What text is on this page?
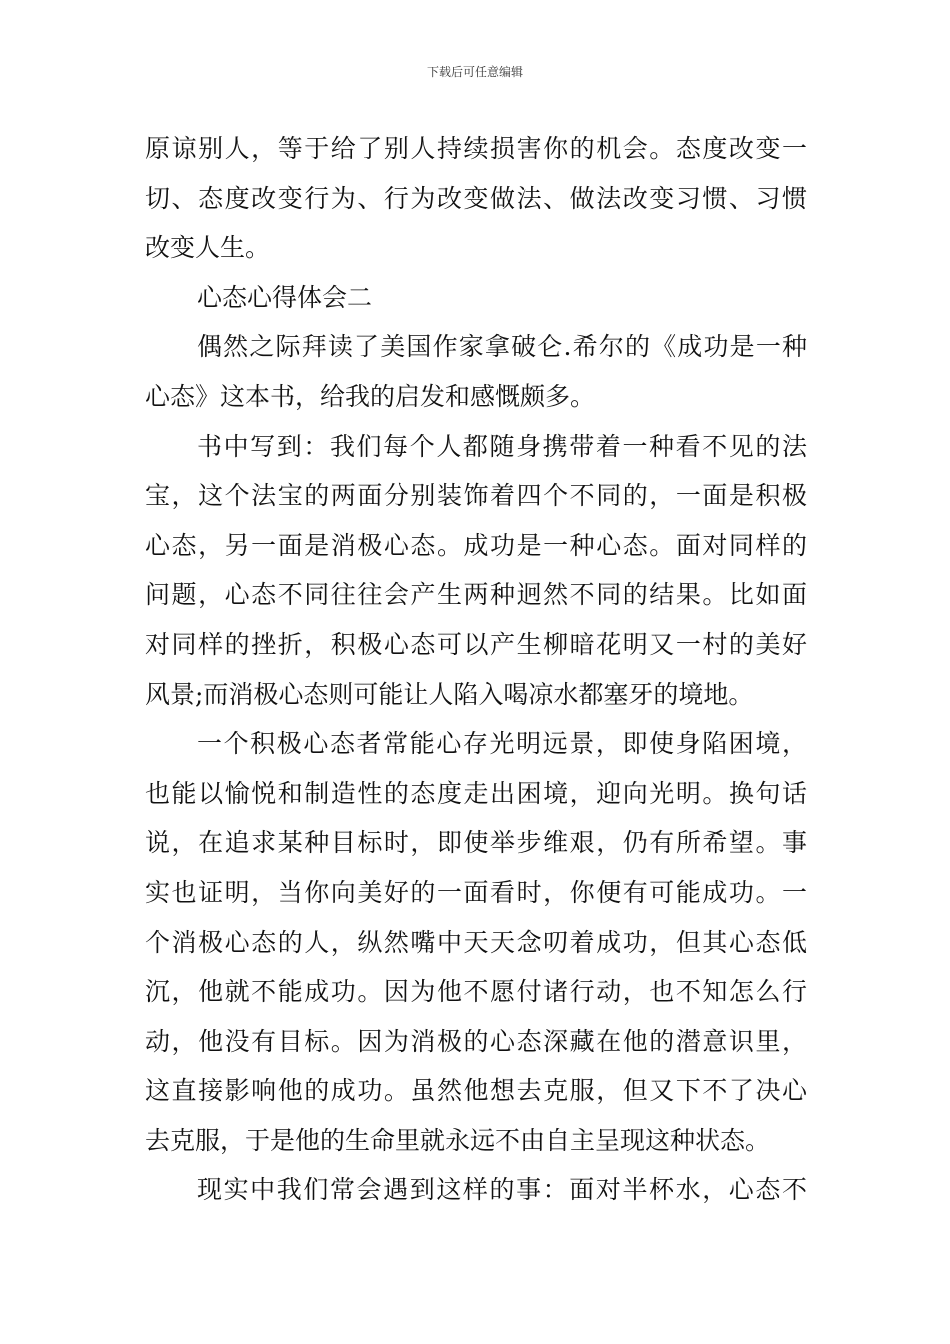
下载后可任意编辑
原谅别人，等于给了别人持续损害你的机会。态度改变一
切、态度改变行为、行为改变做法、做法改变习惯、习惯
改变人生。
心态心得体会二
偶然之际拜读了美国作家拿破仑.希尔的《成功是一种
心态》这本书，给我的启发和感慨颇多。
书中写到：我们每个人都随身携带着一种看不见的法
宝，这个法宝的两面分别装饰着四个不同的，一面是积极
心态，另一面是消极心态。成功是一种心态。面对同样的
问题，心态不同往往会产生两种迥然不同的结果。比如面
对同样的挫折，积极心态可以产生柳暗花明又一村的美好
风景;而消极心态则可能让人陷入喝凉水都塞牙的境地。
一个积极心态者常能心存光明远景，即使身陷困境，
也能以愉悦和制造性的态度走出困境，迎向光明。换句话
说，在追求某种目标时，即使举步维艰，仍有所希望。事
实也证明，当你向美好的一面看时，你便有可能成功。一
个消极心态的人，纵然嘴中天天念叨着成功，但其心态低
沉，他就不能成功。因为他不愿付诸行动，也不知怎么行
动，他没有目标。因为消极的心态深藏在他的潜意识里，
这直接影响他的成功。虽然他想去克服，但又下不了决心
去克服，于是他的生命里就永远不由自主呈现这种状态。
现实中我们常会遇到这样的事：面对半杯水，心态不
